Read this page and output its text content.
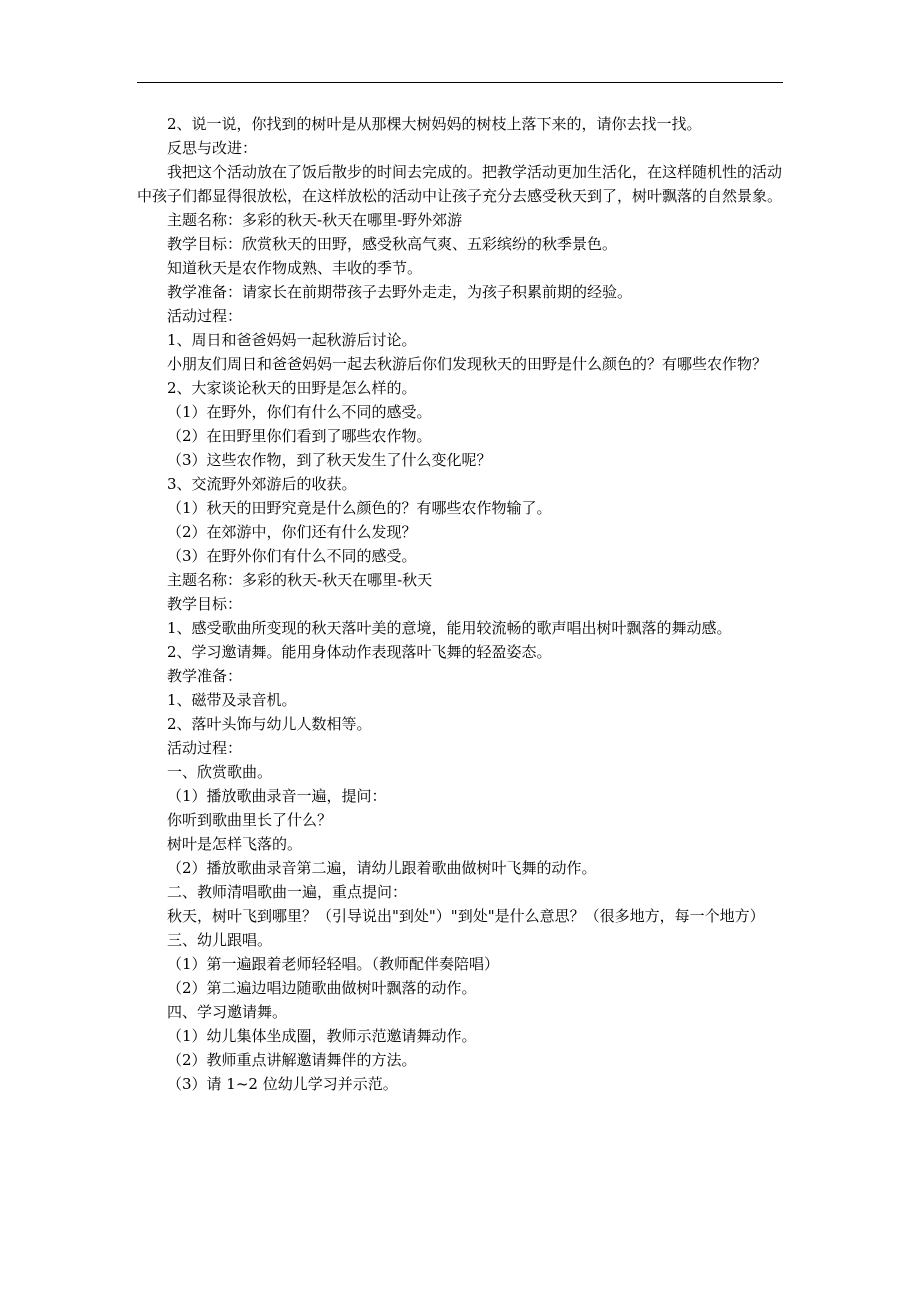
2、说一说，你找到的树叶是从那棵大树妈妈的树枝上落下来的，请你去找一找。

反思与改进：

我把这个活动放在了饭后散步的时间去完成的。把教学活动更加生活化，在这样随机性的活动中孩子们都显得很放松，在这样放松的活动中让孩子充分去感受秋天到了，树叶飘落的自然景象。

主题名称：多彩的秋天-秋天在哪里-野外郊游

教学目标：欣赏秋天的田野，感受秋高气爽、五彩缤纷的秋季景色。

知道秋天是农作物成熟、丰收的季节。

教学准备：请家长在前期带孩子去野外走走，为孩子积累前期的经验。

活动过程：

1、周日和爸爸妈妈一起秋游后讨论。

小朋友们周日和爸爸妈妈一起去秋游后你们发现秋天的田野是什么颜色的？有哪些农作物？

2、大家谈论秋天的田野是怎么样的。

（1）在野外，你们有什么不同的感受。

（2）在田野里你们看到了哪些农作物。

（3）这些农作物，到了秋天发生了什么变化呢？

3、交流野外郊游后的收获。

（1）秋天的田野究竟是什么颜色的？有哪些农作物输了。

（2）在郊游中，你们还有什么发现？

（3）在野外你们有什么不同的感受。

主题名称：多彩的秋天-秋天在哪里-秋天

教学目标：

1、感受歌曲所变现的秋天落叶美的意境，能用较流畅的歌声唱出树叶飘落的舞动感。

2、学习邀请舞。能用身体动作表现落叶飞舞的轻盈姿态。

教学准备：

1、磁带及录音机。

2、落叶头饰与幼儿人数相等。

活动过程：

一、欣赏歌曲。

（1）播放歌曲录音一遍，提问：

你听到歌曲里长了什么？

树叶是怎样飞落的。

（2）播放歌曲录音第二遍，请幼儿跟着歌曲做树叶飞舞的动作。

二、教师清唱歌曲一遍，重点提问：

秋天，树叶飞到哪里？（引导说出"到处"）"到处"是什么意思？（很多地方，每一个地方）

三、幼儿跟唱。

（1）第一遍跟着老师轻轻唱。（教师配伴奏陪唱）

（2）第二遍边唱边随歌曲做树叶飘落的动作。

四、学习邀请舞。

（1）幼儿集体坐成圈，教师示范邀请舞动作。

（2）教师重点讲解邀请舞伴的方法。

（3）请 1~2 位幼儿学习并示范。
